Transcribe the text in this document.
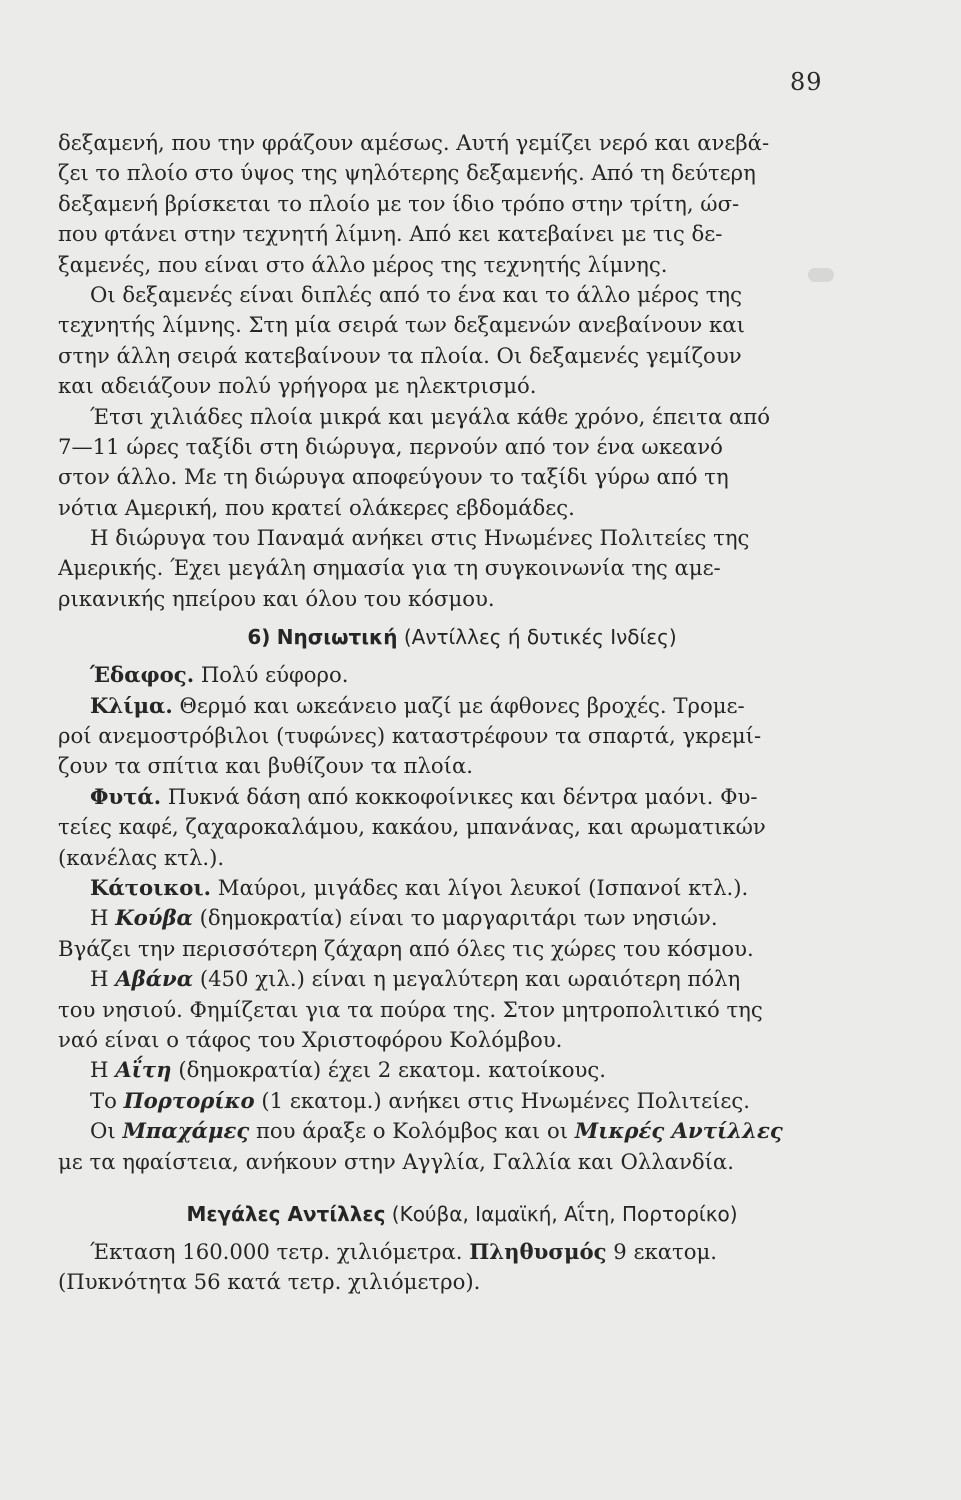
89
δεξαμενή, που την φράζουν αμέσως. Αυτή γεμίζει νερό και ανεβά-
ζει το πλοίο στο ύψος της ψηλότερης δεξαμενής. Από τη δεύτερη
δεξαμενή βρίσκεται το πλοίο με τον ίδιο τρόπο στην τρίτη, ώσ-
που φτάνει στην τεχνητή λίμνη. Από κει κατεβαίνει με τις δε-
ξαμενές, που είναι στο άλλο μέρος της τεχνητής λίμνης.
Οι δεξαμενές είναι διπλές από το ένα και το άλλο μέρος της
τεχνητής λίμνης. Στη μία σειρά των δεξαμενών ανεβαίνουν και
στην άλλη σειρά κατεβαίνουν τα πλοία. Οι δεξαμενές γεμίζουν
και αδειάζουν πολύ γρήγορα με ηλεκτρισμό.
Έτσι χιλιάδες πλοία μικρά και μεγάλα κάθε χρόνο, έπειτα από
7—11 ώρες ταξίδι στη διώρυγα, περνούν από τον ένα ωκεανό
στον άλλο. Με τη διώρυγα αποφεύγουν το ταξίδι γύρω από τη
νότια Αμερική, που κρατεί ολάκερες εβδομάδες.
Η διώρυγα του Παναμά ανήκει στις Ηνωμένες Πολιτείες της
Αμερικής. Έχει μεγάλη σημασία για τη συγκοινωνία της αμε-
ρικανικής ηπείρου και όλου του κόσμου.
6) Νησιωτική (Αντίλλες ή δυτικές Ινδίες)
Έδαφος. Πολύ εύφορο.
Κλίμα. Θερμό και ωκεάνειο μαζί με άφθονες βροχές. Τρομε-
ροί ανεμοστρόβιλοι (τυφώνες) καταστρέφουν τα σπαρτά, γκρεμί-
ζουν τα σπίτια και βυθίζουν τα πλοία.
Φυτά. Πυκνά δάση από κοκκοφοίνικες και δέντρα μαόνι. Φυ-
τείες καφέ, ζαχαροκαλάμου, κακάου, μπανάνας, και αρωματικών
(κανέλας κτλ.).
Κάτοικοι. Μαύροι, μιγάδες και λίγοι λευκοί (Ισπανοί κτλ.).
Η Κούβα (δημοκρατία) είναι το μαργαριτάρι των νησιών.
Βγάζει την περισσότερη ζάχαρη από όλες τις χώρες του κόσμου.
Η Αβάνα (450 χιλ.) είναι η μεγαλύτερη και ωραιότερη πόλη
του νησιού. Φημίζεται για τα πούρα της. Στον μητροπολιτικό της
ναό είναι ο τάφος του Χριστοφόρου Κολόμβου.
Η Αΐτη (δημοκρατία) έχει 2 εκατομ. κατοίκους.
Το Πορτορίκο (1 εκατομ.) ανήκει στις Ηνωμένες Πολιτείες.
Οι Μπαχάμες που άραξε ο Κολόμβος και οι Μικρές Αντίλλες
με τα ηφαίστεια, ανήκουν στην Αγγλία, Γαλλία και Ολλανδία.
Μεγάλες Αντίλλες (Κούβα, Ιαμαϊκή, Αΐτη, Πορτορίκο)
Έκταση 160.000 τετρ. χιλιόμετρα. Πληθυσμός 9 εκατομ.
(Πυκνότητα 56 κατά τετρ. χιλιόμετρο).
